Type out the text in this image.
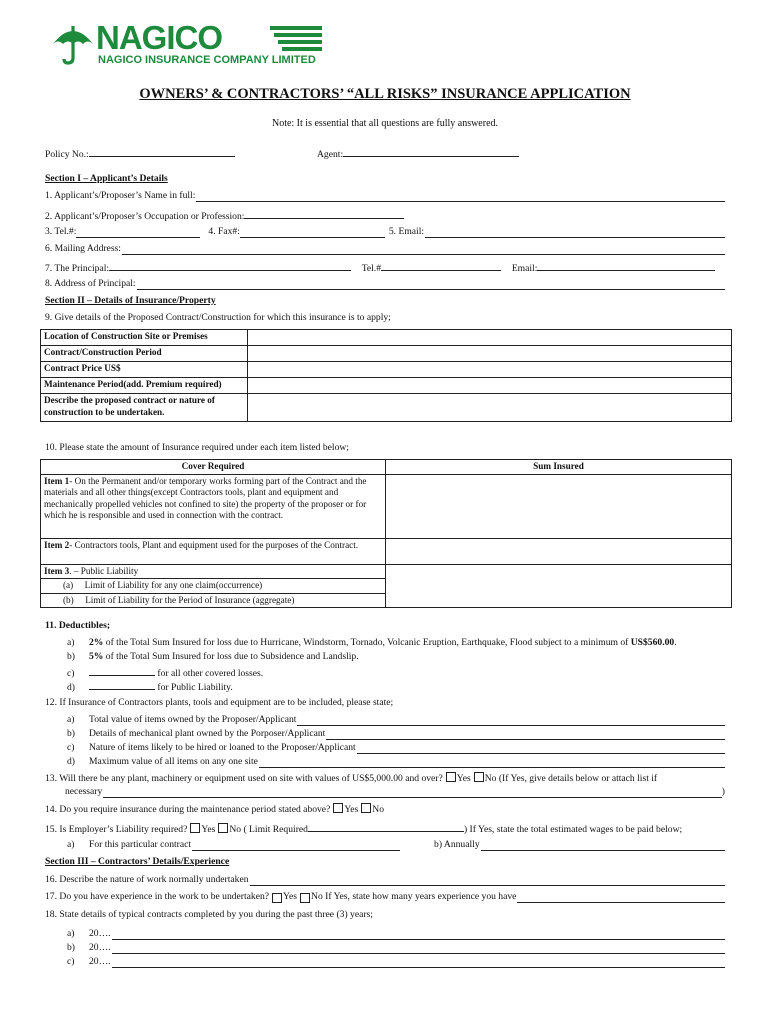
NAGICO
NAGICO INSURANCE COMPANY LIMITED
OWNERS’ & CONTRACTORS’ “ALL RISKS” INSURANCE APPLICATION
Note: It is essential that all questions are fully answered.
Policy No.:	Agent:
Section I – Applicant’s Details
1. Applicant’s/Proposer’s Name in full:
2. Applicant’s/Proposer’s Occupation or Profession:
3. Tel.#:	4. Fax#:	5. Email:
6. Mailing Address:
7. The Principal:	Tel.#	Email:
8. Address of Principal:
Section II – Details of Insurance/Property
9. Give details of the Proposed Contract/Construction for which this insurance is to apply;
Location of Construction Site or Premises	
Contract/Construction Period	
Contract Price US$	
Maintenance Period(add. Premium required)	
Describe the proposed contract or nature of construction to be undertaken.	
10. Please state the amount of Insurance required under each item listed below;
Cover Required	Sum Insured
Item 1- On the Permanent and/or temporary works forming part of the Contract and the materials and all other things(except Contractors tools, plant and equipment and mechanically propelled vehicles not confined to site) the property of the proposer or for which he is responsible and used in connection with the contract.	
Item 2- Contractors tools, Plant and equipment used for the purposes of the Contract.	
Item 3. – Public Liability	
(a)     Limit of Liability for any one claim(occurrence)	
(b)     Limit of Liability for the Period of Insurance (aggregate)	
11. Deductibles;
a) 2% of the Total Sum Insured for loss due to Hurricane, Windstorm, Tornado, Volcanic Eruption, Earthquake, Flood subject to a minimum of US$560.00.
b) 5% of the Total Sum Insured for loss due to Subsidence and Landslip.
c)	for all other covered losses.
d)	for Public Liability.
12. If Insurance of Contractors plants, tools and equipment are to be included, please state;
a)	Total value of items owned by the Proposer/Applicant
b)	Details of mechanical plant owned by the Porposer/Applicant
c)	Nature of items likely to be hired or loaned to the Proposer/Applicant
d)	Maximum value of all items on any one site
13. Will there be any plant, machinery or equipment used on site with values of US$5,000.00 and over? Yes No (If Yes, give details below or attach list if
necessary	)
14. Do you require insurance during the maintenance period stated above? Yes No
15. Is Employer’s Liability required? Yes No ( Limit Required	) If Yes, state the total estimated wages to be paid below;
a)	For this particular contract	b) Annually
Section III – Contractors’ Details/Experience
16. Describe the nature of work normally undertaken
17. Do you have experience in the work to be undertaken? Yes No If Yes, state how many years experience you have
18. State details of typical contracts completed by you during the past three (3) years;
a)	20….
b)	20….
c)	20….
